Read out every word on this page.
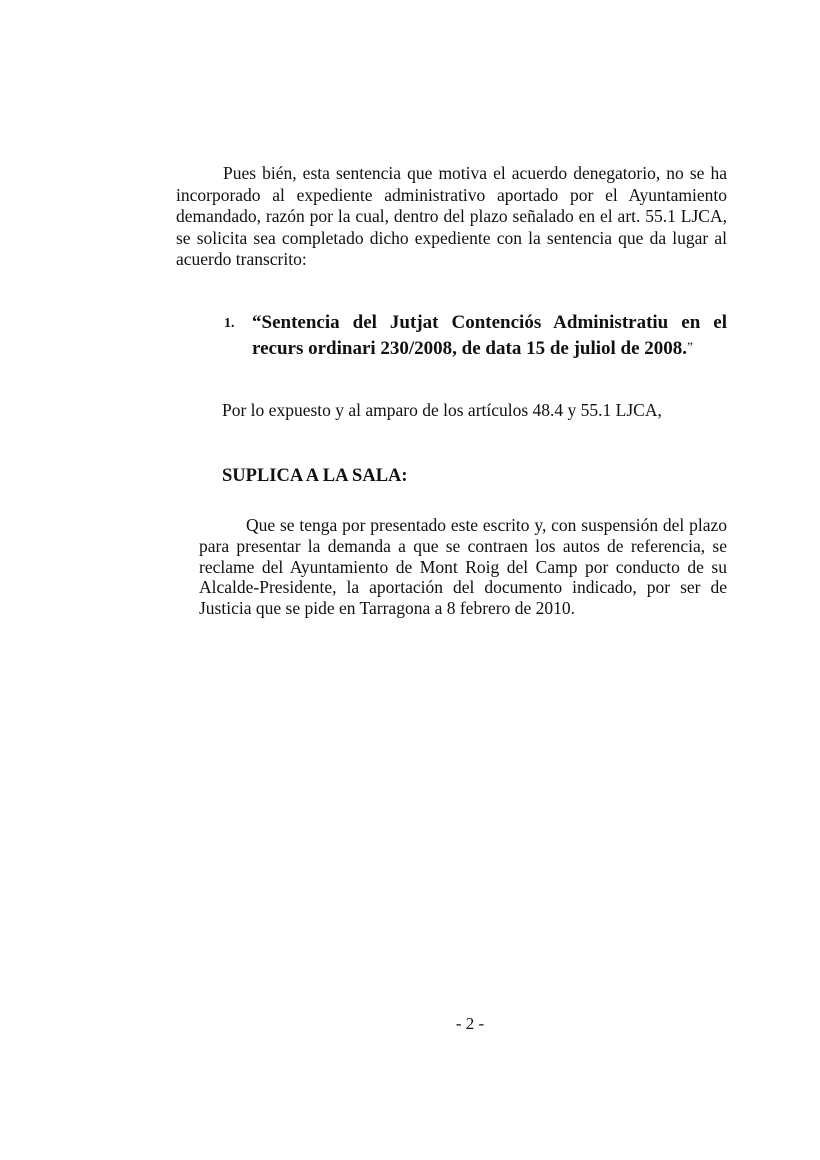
Pues bién, esta sentencia que motiva el acuerdo denegatorio, no se ha incorporado al expediente administrativo aportado por el Ayuntamiento demandado, razón por la cual, dentro del plazo señalado en el art. 55.1 LJCA, se solicita sea completado dicho expediente con la sentencia que da lugar al acuerdo transcrito:

1. “Sentencia del Jutjat Contenciós Administratiu en el recurs ordinari 230/2008, de data 15 de juliol de 2008.”

Por lo expuesto y al amparo de los artículos 48.4 y 55.1 LJCA,

SUPLICA A LA SALA:

Que se tenga por presentado este escrito y, con suspensión del plazo para presentar la demanda a que se contraen los autos de referencia, se reclame del Ayuntamiento de Mont Roig del Camp por conducto de su Alcalde-Presidente, la aportación del documento indicado, por ser de Justicia que se pide en Tarragona a 8 febrero de 2010.

- 2 -
